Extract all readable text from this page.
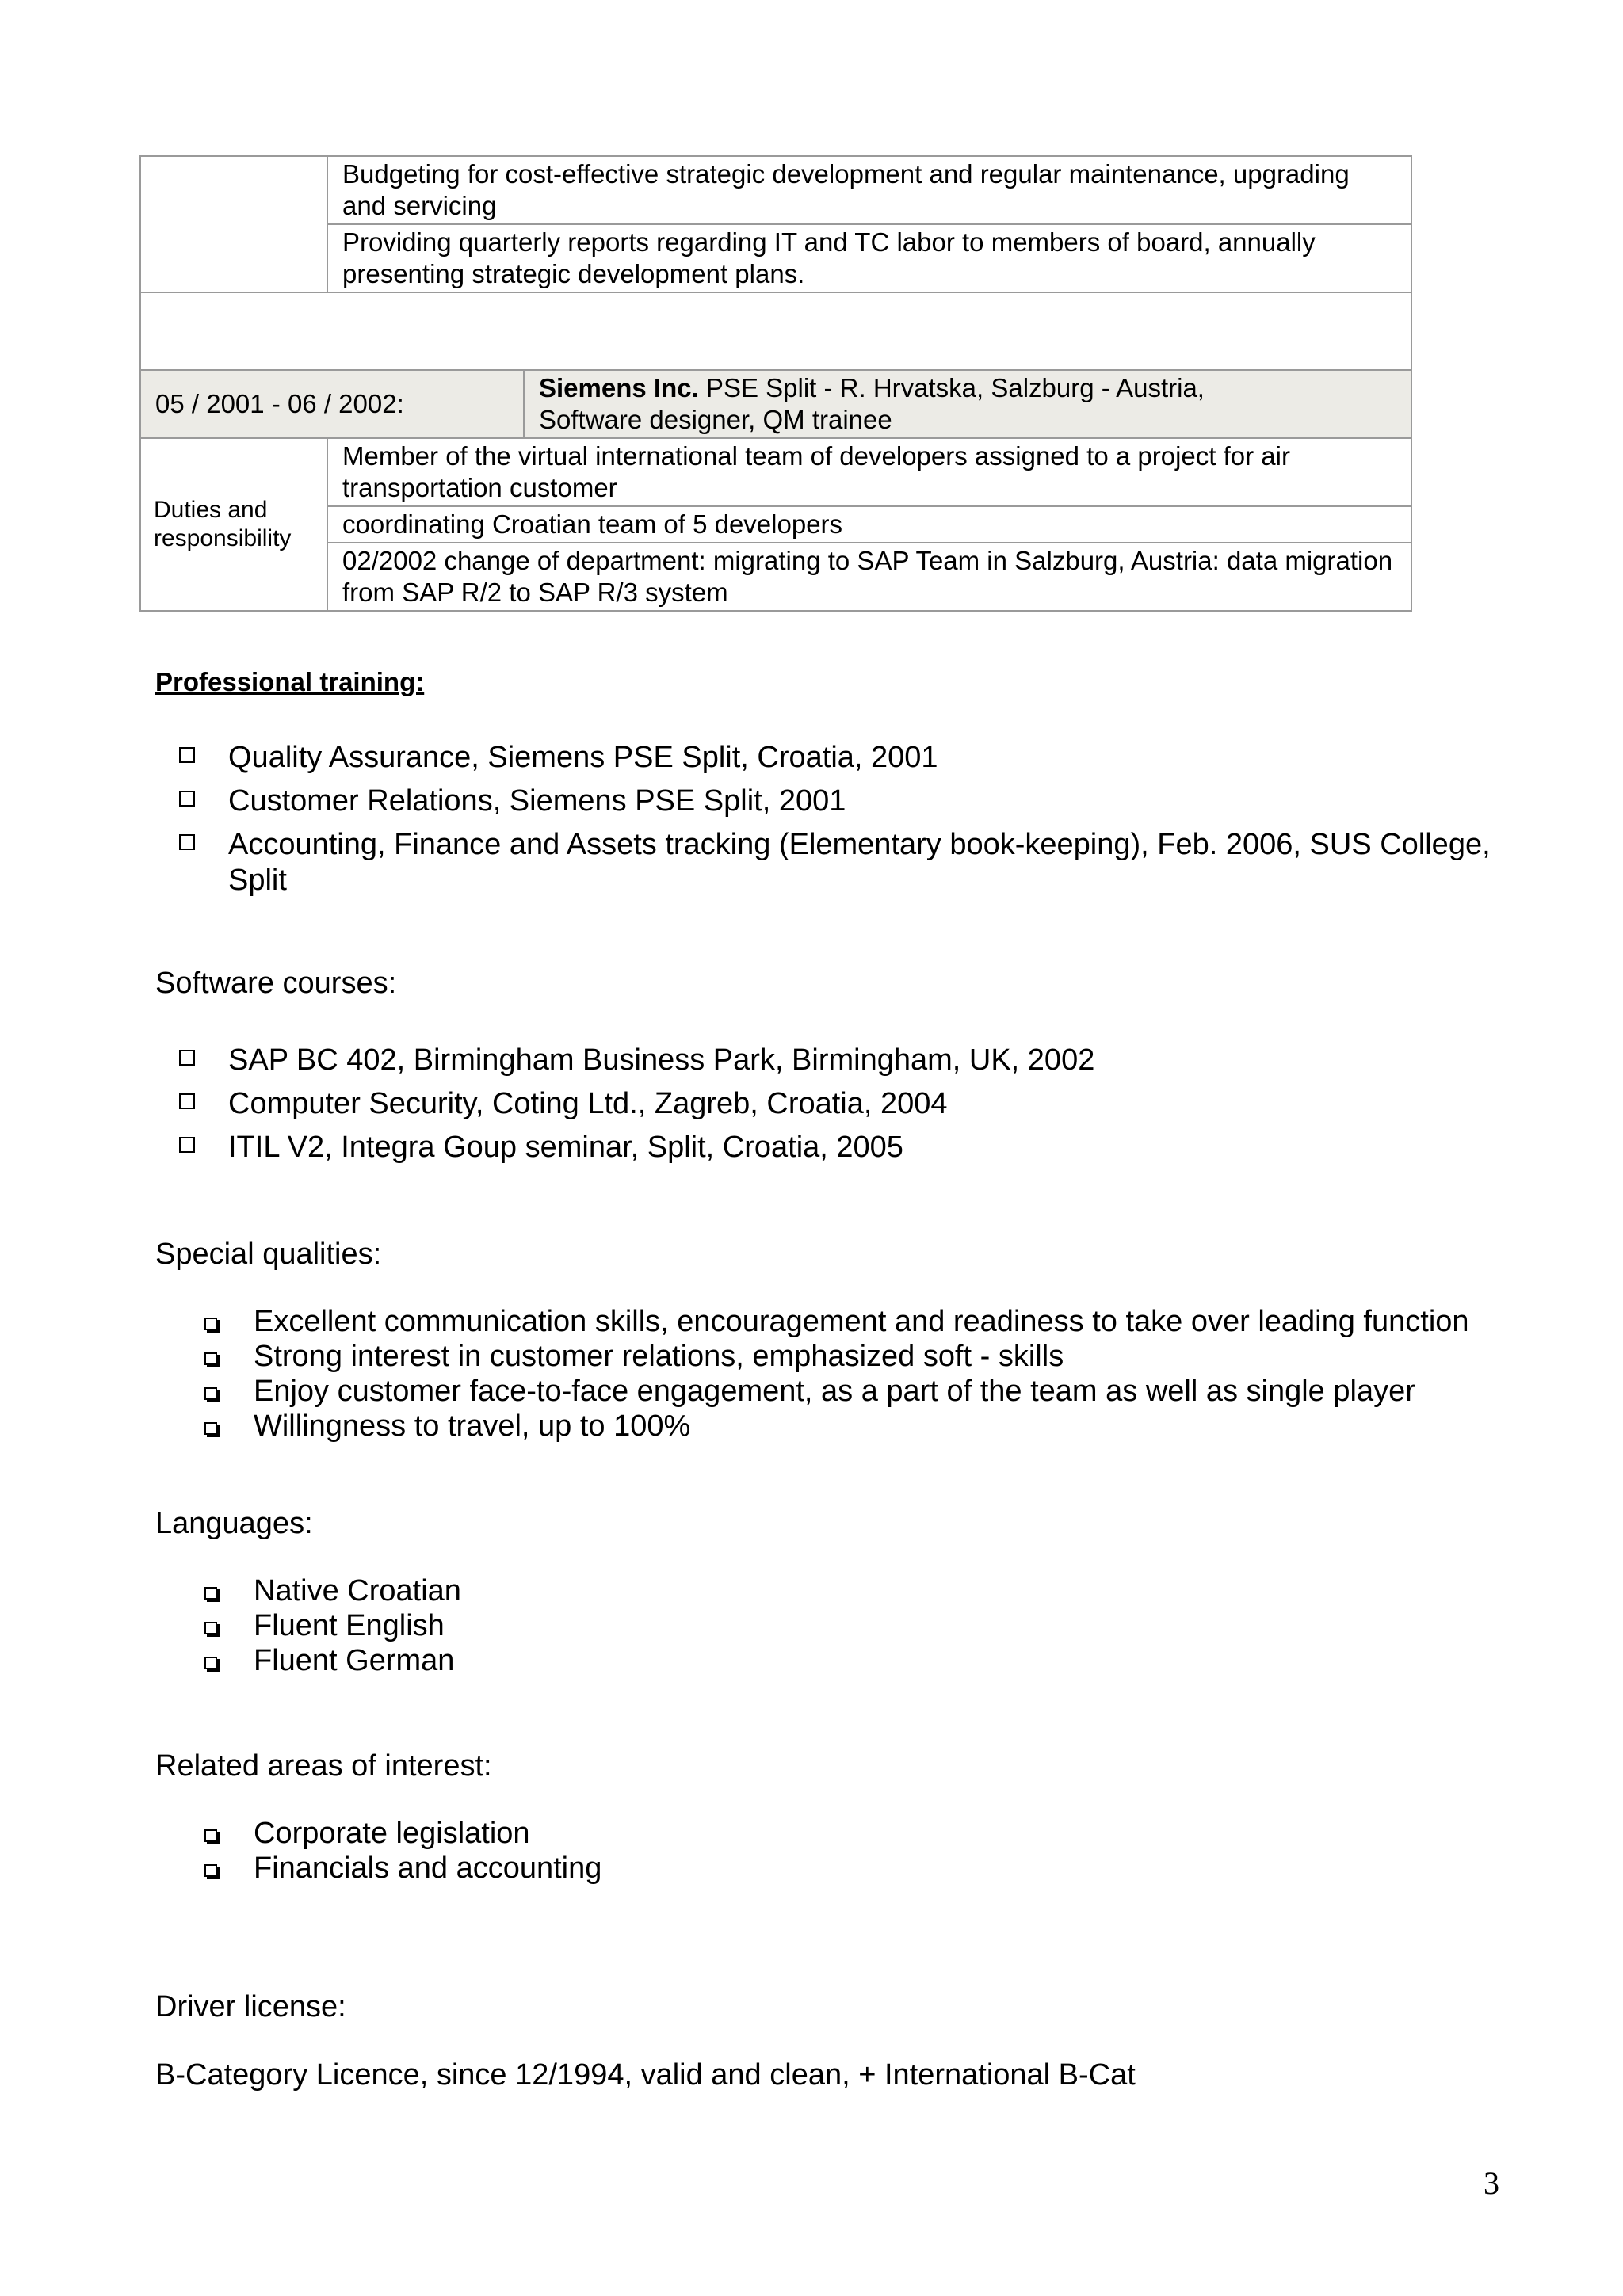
	Budgeting for cost-effective strategic development and regular maintenance, upgrading and servicing	
	Providing quarterly reports regarding IT and TC labor to members of board, annually presenting strategic development plans.	

05 / 2001 - 06 / 2002:		Siemens Inc. PSE Split - R. Hrvatska, Salzburg - Austria,
Software designer, QM trainee
Duties and responsibility	Member of the virtual international team of developers assigned to a project for air transportation customer	
	coordinating Croatian team of 5 developers	
	02/2002 change of department: migrating to SAP Team in Salzburg, Austria: data migration from SAP R/2 to SAP R/3 system	
Professional training:
Quality Assurance, Siemens PSE Split, Croatia, 2001
Customer Relations, Siemens PSE Split, 2001
Accounting, Finance and Assets tracking (Elementary book-keeping), Feb. 2006, SUS College, Split
Software courses:
SAP BC 402, Birmingham Business Park, Birmingham, UK, 2002
Computer Security, Coting Ltd., Zagreb, Croatia, 2004
ITIL V2, Integra Goup seminar, Split, Croatia, 2005
Special qualities:
Excellent communication skills, encouragement and readiness to take over leading function
Strong interest in customer relations, emphasized soft - skills
Enjoy customer face-to-face engagement, as a part of the team as well as single player
Willingness to travel, up to 100%
Languages:
Native Croatian
Fluent English
Fluent German
Related areas of interest:
Corporate legislation
Financials and accounting
Driver license:
B-Category Licence, since 12/1994, valid and clean, + International B-Cat
3
